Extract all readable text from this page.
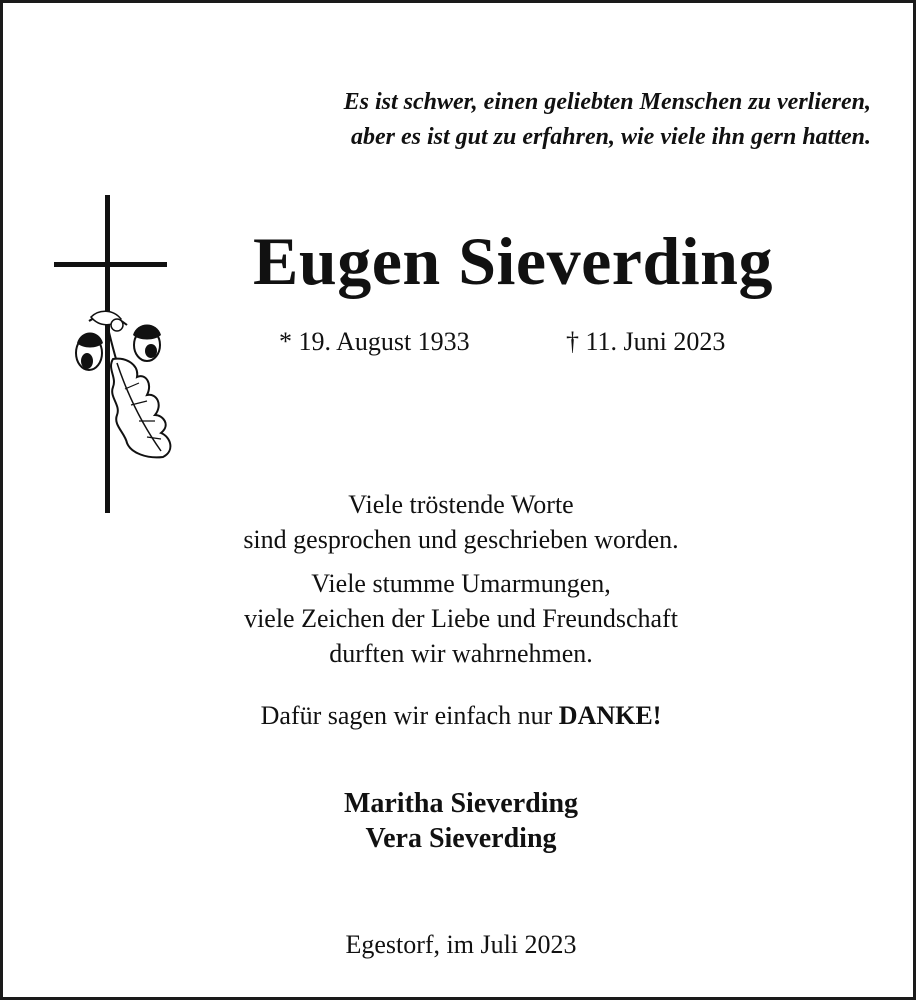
Es ist schwer, einen geliebten Menschen zu verlieren,
aber es ist gut zu erfahren, wie viele ihn gern hatten.
Eugen Sieverding
* 19. August 1933	† 11. Juni 2023
Viele tröstende Worte
sind gesprochen und geschrieben worden.
Viele stumme Umarmungen,
viele Zeichen der Liebe und Freundschaft
durften wir wahrnehmen.
Dafür sagen wir einfach nur DANKE!
Maritha Sieverding
Vera Sieverding
Egestorf, im Juli 2023
